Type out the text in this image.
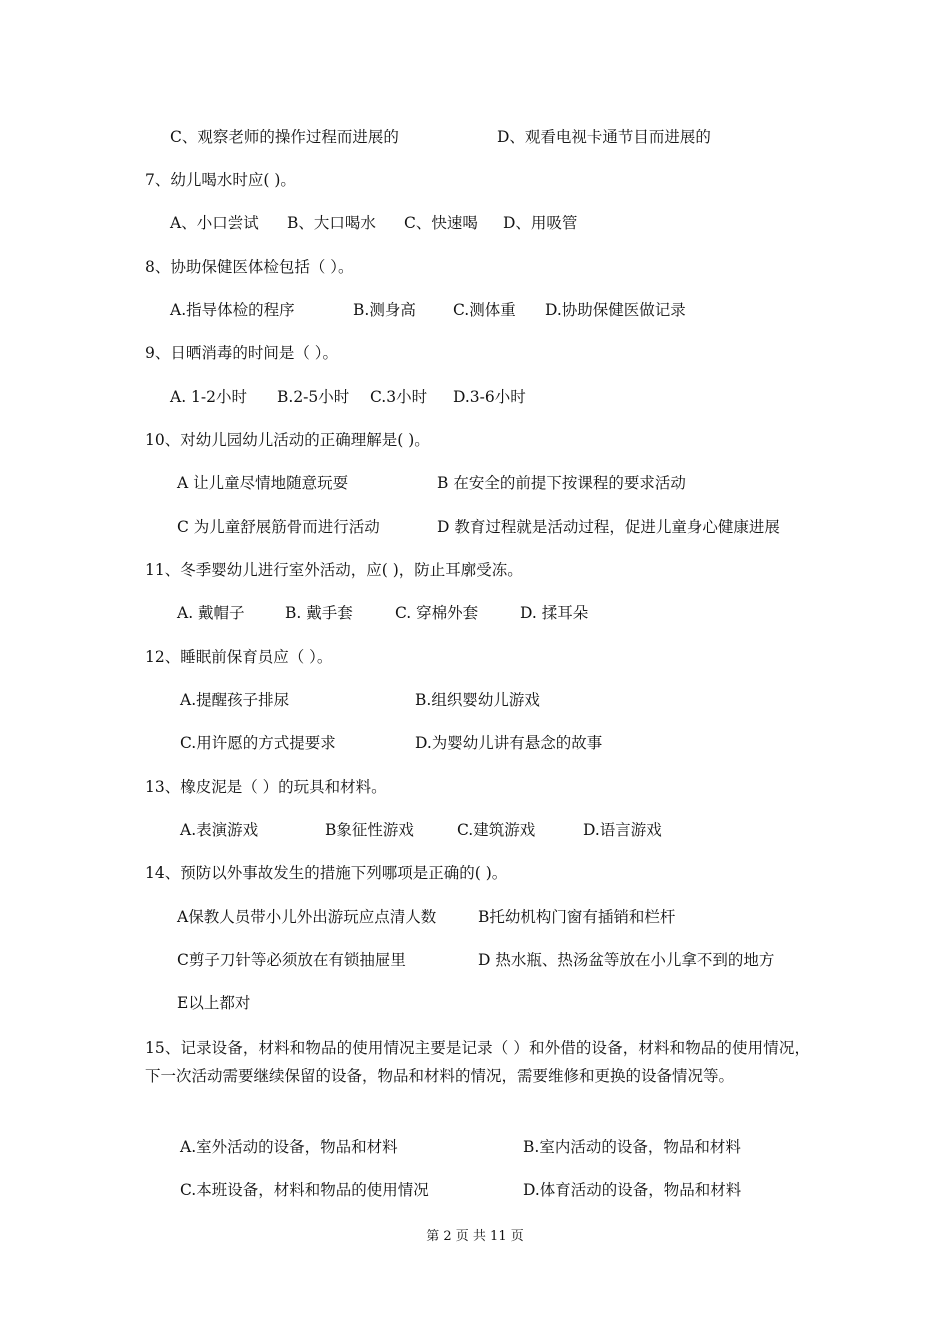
C、观察老师的操作过程而进展的	D、观看电视卡通节目而进展的
7、幼儿喝水时应( )。
A、小口尝试 B、大口喝水 C、快速喝 D、用吸管
8、协助保健医体检包括（ ）。
A.指导体检的程序	B.测身高 C.测体重 D.协助保健医做记录
9、日晒消毒的时间是（ ）。
A. 1-2小时 B.2-5小时 C.3小时 D.3-6小时
10、对幼儿园幼儿活动的正确理解是( )。
A 让儿童尽情地随意玩耍	B 在安全的前提下按课程的要求活动
C 为儿童舒展筋骨而进行活动	D 教育过程就是活动过程，促进儿童身心健康进展
11、冬季婴幼儿进行室外活动，应( )，防止耳廓受冻。
A. 戴帽子	B. 戴手套	C. 穿棉外套	D. 揉耳朵
12、睡眠前保育员应（ ）。
A.提醒孩子排尿	B.组织婴幼儿游戏
C.用许愿的方式提要求	D.为婴幼儿讲有悬念的故事
13、橡皮泥是（ ）的玩具和材料。
A.表演游戏	B象征性游戏	C.建筑游戏	D.语言游戏
14、预防以外事故发生的措施下列哪项是正确的( )。
A保教人员带小儿外出游玩应点清人数	B托幼机构门窗有插销和栏杆
C剪子刀针等必须放在有锁抽屉里	D 热水瓶、热汤盆等放在小儿拿不到的地方
E以上都对
15、记录设备，材料和物品的使用情况主要是记录（ ）和外借的设备，材料和物品的使用情况，下一次活动需要继续保留的设备，物品和材料的情况，需要维修和更换的设备情况等。
A.室外活动的设备，物品和材料	B.室内活动的设备，物品和材料
C.本班设备，材料和物品的使用情况	D.体育活动的设备，物品和材料
第 2 页 共 11 页
